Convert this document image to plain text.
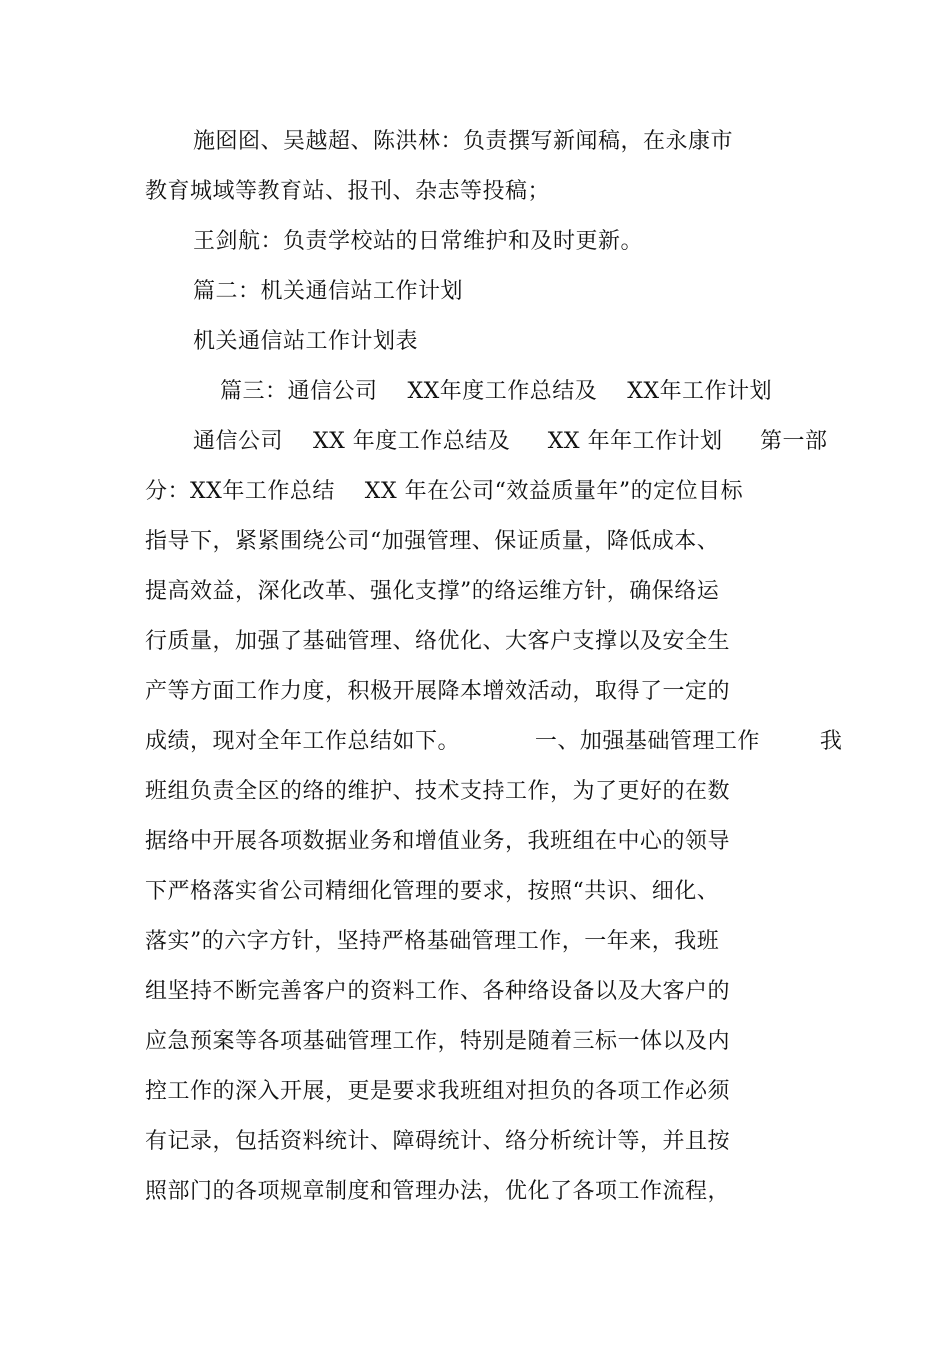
施囵囵、吴越超、陈洪林：负责撰写新闻稿，在永康市
教育城域等教育站、报刊、杂志等投稿；
王剑航：负责学校站的日常维护和及时更新。
篇二：机关通信站工作计划
机关通信站工作计划表
篇三：通信公司    XX年度工作总结及    XX年工作计划
通信公司    XX 年度工作总结及     XX 年年工作计划     第一部
分：XX年工作总结    XX 年在公司“效益质量年”的定位目标
指导下，紧紧围绕公司“加强管理、保证质量，降低成本、
提高效益，深化改革、强化支撑”的络运维方针，确保络运
行质量，加强了基础管理、络优化、大客户支撑以及安全生
产等方面工作力度，积极开展降本增效活动，取得了一定的
成绩，现对全年工作总结如下。          一、加强基础管理工作        我
班组负责全区的络的维护、技术支持工作，为了更好的在数
据络中开展各项数据业务和增值业务，我班组在中心的领导
下严格落实省公司精细化管理的要求，按照“共识、细化、
落实”的六字方针，坚持严格基础管理工作，一年来，我班
组坚持不断完善客户的资料工作、各种络设备以及大客户的
应急预案等各项基础管理工作，特别是随着三标一体以及内
控工作的深入开展，更是要求我班组对担负的各项工作必须
有记录，包括资料统计、障碍统计、络分析统计等，并且按
照部门的各项规章制度和管理办法，优化了各项工作流程，
